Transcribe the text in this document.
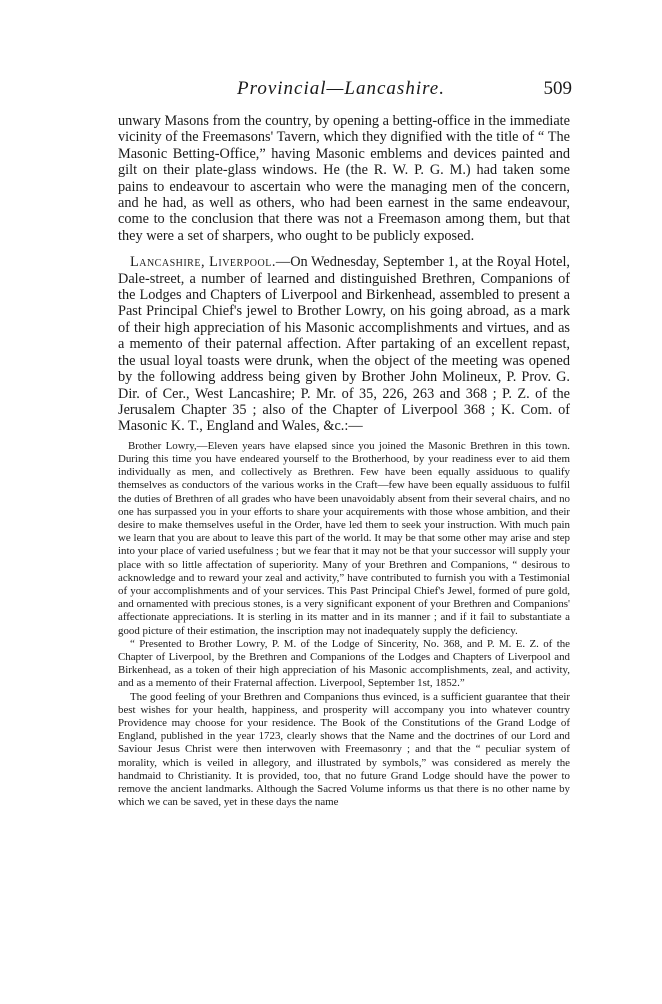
Provincial—Lancashire.	509

unwary Masons from the country, by opening a betting-office in the immediate vicinity of the Freemasons' Tavern, which they dignified with the title of “ The Masonic Betting-Office,” having Masonic emblems and devices painted and gilt on their plate-glass windows. He (the R. W. P. G. M.) had taken some pains to endeavour to ascertain who were the managing men of the concern, and he had, as well as others, who had been earnest in the same endeavour, come to the conclusion that there was not a Freemason among them, but that they were a set of sharpers, who ought to be publicly exposed.

Lancashire, Liverpool.—On Wednesday, September 1, at the Royal Hotel, Dale-street, a number of learned and distinguished Brethren, Companions of the Lodges and Chapters of Liverpool and Birkenhead, assembled to present a Past Principal Chief's jewel to Brother Lowry, on his going abroad, as a mark of their high appreciation of his Masonic accomplishments and virtues, and as a memento of their paternal affection. After partaking of an excellent repast, the usual loyal toasts were drunk, when the object of the meeting was opened by the following address being given by Brother John Molineux, P. Prov. G. Dir. of Cer., West Lancashire; P. Mr. of 35, 226, 263 and 368 ; P. Z. of the Jerusalem Chapter 35 ; also of the Chapter of Liverpool 368 ; K. Com. of Masonic K. T., England and Wales, &c.:—

Brother Lowry,—Eleven years have elapsed since you joined the Masonic Brethren in this town. During this time you have endeared yourself to the Brotherhood, by your readiness ever to aid them individually as men, and collectively as Brethren. Few have been equally assiduous to qualify themselves as conductors of the various works in the Craft—few have been equally assiduous to fulfil the duties of Brethren of all grades who have been unavoidably absent from their several chairs, and no one has surpassed you in your efforts to share your acquirements with those whose ambition, and their desire to make themselves useful in the Order, have led them to seek your instruction. With much pain we learn that you are about to leave this part of the world. It may be that some other may arise and step into your place of varied usefulness ; but we fear that it may not be that your successor will supply your place with so little affectation of superiority. Many of your Brethren and Companions, “ desirous to acknowledge and to reward your zeal and activity,” have contributed to furnish you with a Testimonial of your accomplishments and of your services. This Past Principal Chief's Jewel, formed of pure gold, and ornamented with precious stones, is a very significant exponent of your Brethren and Companions' affectionate appreciations. It is sterling in its matter and in its manner ; and if it fail to substantiate a good picture of their estimation, the inscription may not inadequately supply the deficiency.

“ Presented to Brother Lowry, P. M. of the Lodge of Sincerity, No. 368, and P. M. E. Z. of the Chapter of Liverpool, by the Brethren and Companions of the Lodges and Chapters of Liverpool and Birkenhead, as a token of their high appreciation of his Masonic accomplishments, zeal, and activity, and as a memento of their Fraternal affection. Liverpool, September 1st, 1852.”

The good feeling of your Brethren and Companions thus evinced, is a sufficient guarantee that their best wishes for your health, happiness, and prosperity will accompany you into whatever country Providence may choose for your residence. The Book of the Constitutions of the Grand Lodge of England, published in the year 1723, clearly shows that the Name and the doctrines of our Lord and Saviour Jesus Christ were then interwoven with Freemasonry ; and that the “ peculiar system of morality, which is veiled in allegory, and illustrated by symbols,” was considered as merely the handmaid to Christianity. It is provided, too, that no future Grand Lodge should have the power to remove the ancient landmarks. Although the Sacred Volume informs us that there is no other name by which we can be saved, yet in these days the name
